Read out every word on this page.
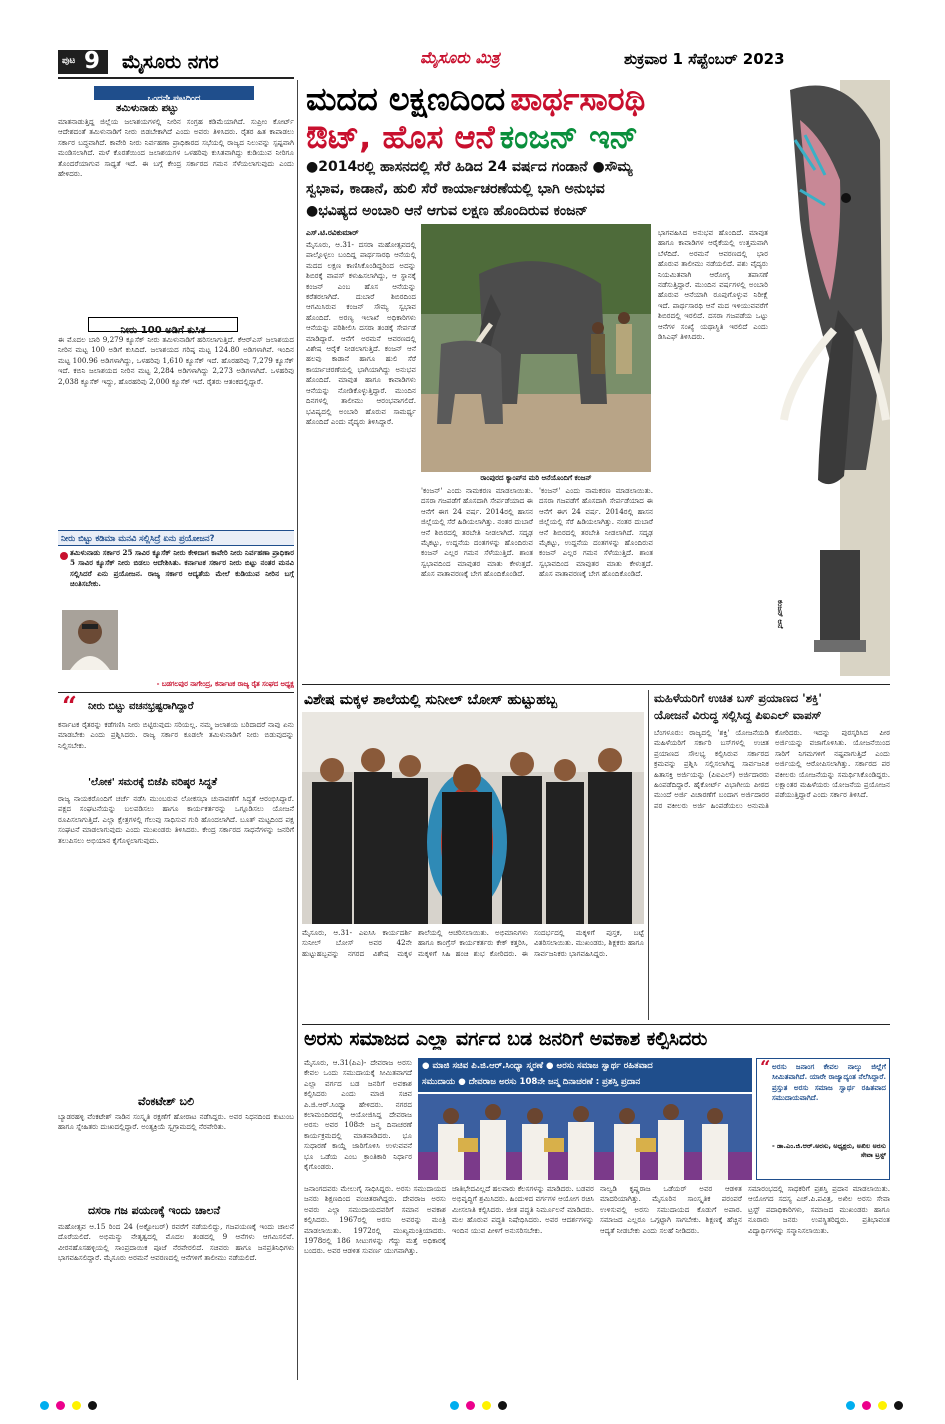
ಪುಟ 9 ಮೈಸೂರು ನಗರ	ಮೈಸೂರು ಮಿತ್ರ	ಶುಕ್ರವಾರ 1 ಸೆಪ್ಟೆಂಬರ್ 2023
ಒಂದನೇ ಪುಟದಿಂದ
ತಮಿಳುನಾಡು ಪಟ್ಟು
ಮಾತನಾಡುತ್ತಿದ್ದ ಜಿಲ್ಲೆಯ ಜಲಾಶಯಗಳಲ್ಲಿ ನೀರಿನ ಸಂಗ್ರಹ ಕಡಿಮೆಯಾಗಿದೆ. ಸುಪ್ರೀಂ ಕೋರ್ಟ್ ಆದೇಶದಂತೆ ತಮಿಳುನಾಡಿಗೆ ನೀರು ಬಿಡಬೇಕಾಗಿದೆ ಎಂದು ಅವರು ತಿಳಿಸಿದರು. ರೈತರ ಹಿತ ಕಾಪಾಡಲು ಸರ್ಕಾರ ಬದ್ಧವಾಗಿದೆ. ಕಾವೇರಿ ನೀರು ನಿರ್ವಹಣಾ ಪ್ರಾಧಿಕಾರದ ಸಭೆಯಲ್ಲಿ ರಾಜ್ಯದ ನಿಲುವನ್ನು ಸ್ಪಷ್ಟವಾಗಿ ಮಂಡಿಸಲಾಗಿದೆ. ಮಳೆ ಕೊರತೆಯಿಂದ ಜಲಾಶಯಗಳ ಒಳಹರಿವು ಕುಸಿತವಾಗಿದ್ದು ಕುಡಿಯುವ ನೀರಿಗೂ ತೊಂದರೆಯಾಗುವ ಸಾಧ್ಯತೆ ಇದೆ. ಈ ಬಗ್ಗೆ ಕೇಂದ್ರ ಸರ್ಕಾರದ ಗಮನ ಸೆಳೆಯಲಾಗುವುದು ಎಂದು ಹೇಳಿದರು.
ನೀರು 100 ಅಡಿಗೆ ಕುಸಿತ
ಈ ಮೊದಲ ಬಾರಿ 9,279 ಕ್ಯೂಸೆಕ್ ನೀರು ತಮಿಳುನಾಡಿಗೆ ಹರಿಸಲಾಗುತ್ತಿದೆ. ಕೆಆರ್‌ಎಸ್ ಜಲಾಶಯದ ನೀರಿನ ಮಟ್ಟ 100 ಅಡಿಗೆ ಕುಸಿದಿದೆ. ಜಲಾಶಯದ ಗರಿಷ್ಠ ಮಟ್ಟ 124.80 ಅಡಿಗಳಾಗಿವೆ. ಇಂದಿನ ಮಟ್ಟ 100.96 ಅಡಿಗಳಾಗಿದ್ದು, ಒಳಹರಿವು 1,610 ಕ್ಯೂಸೆಕ್ ಇದೆ. ಹೊರಹರಿವು 7,279 ಕ್ಯೂಸೆಕ್ ಇದೆ. ಕಬಿನಿ ಜಲಾಶಯದ ನೀರಿನ ಮಟ್ಟ 2,284 ಅಡಿಗಳಾಗಿದ್ದು 2,273 ಅಡಿಗಳಾಗಿದೆ. ಒಳಹರಿವು 2,038 ಕ್ಯೂಸೆಕ್ ಇದ್ದು, ಹೊರಹರಿವು 2,000 ಕ್ಯೂಸೆಕ್ ಇದೆ. ರೈತರು ಆತಂಕದಲ್ಲಿದ್ದಾರೆ.
ನೀರು ಬಿಟ್ಟು ಕಡಿಮಾ ಮನವಿ ಸಲ್ಲಿಸಿದ್ರೆ ಏನು ಪ್ರಯೋಜನ?
ತಮಿಳುನಾಡು ಸರ್ಕಾರ 25 ಸಾವಿರ ಕ್ಯೂಸೆಕ್ ನೀರು ಕೇಳಿದಾಗ ಕಾವೇರಿ ನೀರು ನಿರ್ವಹಣಾ ಪ್ರಾಧಿಕಾರ 5 ಸಾವಿರ ಕ್ಯೂಸೆಕ್ ನೀರು ಬಿಡಲು ಆದೇಶಿಸಿತು. ಕರ್ನಾಟಕ ಸರ್ಕಾರ ನೀರು ಬಿಟ್ಟು ನಂತರ ಮನವಿ ಸಲ್ಲಿಸಿದರೆ ಏನು ಪ್ರಯೋಜನ. ರಾಜ್ಯ ಸರ್ಕಾರ ಆದ್ಯತೆಯ ಮೇಲೆ ಕುಡಿಯುವ ನೀರಿನ ಬಗ್ಗೆ ಚಿಂತಿಸಬೇಕು.
- ಬಡಗಲಪುರ ನಾಗೇಂದ್ರ, ಕರ್ನಾಟಕ ರಾಜ್ಯ ರೈತ ಸಂಘದ ಅಧ್ಯಕ್ಷ
“ ನೀರು ಬಿಟ್ಟು ವಚನಭ್ರಷ್ಟರಾಗಿದ್ದಾರೆ
ಕರ್ನಾಟಕ ರೈತರನ್ನು ಕಡೆಗಣಿಸಿ ನೀರು ಬಿಟ್ಟಿರುವುದು ಸರಿಯಲ್ಲ. ನಮ್ಮ ಜಲಾಶಯ ಬರಿದಾದರೆ ನಾವು ಏನು ಮಾಡಬೇಕು ಎಂದು ಪ್ರಶ್ನಿಸಿದರು. ರಾಜ್ಯ ಸರ್ಕಾರ ಕೂಡಲೇ ತಮಿಳುನಾಡಿಗೆ ನೀರು ಬಿಡುವುದನ್ನು ನಿಲ್ಲಿಸಬೇಕು.
'ಲೋಕ' ಸಮರಕ್ಕೆ ಬಿಜೆಪಿ ವರಿಷ್ಠರ ಸಿದ್ಧತೆ
ರಾಜ್ಯ ನಾಯಕರೊಂದಿಗೆ ಚರ್ಚೆ ನಡೆಸಿ ಮುಂಬರುವ ಲೋಕಸಭಾ ಚುನಾವಣೆಗೆ ಸಿದ್ಧತೆ ಆರಂಭಿಸಿದ್ದಾರೆ. ಪಕ್ಷದ ಸಂಘಟನೆಯನ್ನು ಬಲಪಡಿಸಲು ಹಾಗೂ ಕಾರ್ಯಕರ್ತರನ್ನು ಒಗ್ಗೂಡಿಸಲು ಯೋಜನೆ ರೂಪಿಸಲಾಗುತ್ತಿದೆ. ಎಲ್ಲಾ ಕ್ಷೇತ್ರಗಳಲ್ಲಿ ಗೆಲುವು ಸಾಧಿಸುವ ಗುರಿ ಹೊಂದಲಾಗಿದೆ. ಬೂತ್ ಮಟ್ಟದಿಂದ ಪಕ್ಷ ಸಂಘಟನೆ ಮಾಡಲಾಗುವುದು ಎಂದು ಮುಖಂಡರು ತಿಳಿಸಿದರು. ಕೇಂದ್ರ ಸರ್ಕಾರದ ಸಾಧನೆಗಳನ್ನು ಜನರಿಗೆ ತಲುಪಿಸಲು ಅಭಿಯಾನ ಕೈಗೊಳ್ಳಲಾಗುವುದು.
ವೆಂಕಟೇಶ್ ಬಲಿ
ಬ್ಯಾಡರಹಳ್ಳಿ ವೆಂಕಟೇಶ್ ನಾಡಿನ ಸಂಸ್ಕೃತಿ ರಕ್ಷಣೆಗೆ ಹೋರಾಟ ನಡೆಸಿದ್ದರು. ಅವರ ನಿಧನದಿಂದ ಕುಟುಂಬ ಹಾಗೂ ಸ್ನೇಹಿತರು ದುಃಖದಲ್ಲಿದ್ದಾರೆ. ಅಂತ್ಯಕ್ರಿಯೆ ಸ್ವಗ್ರಾಮದಲ್ಲಿ ನೆರವೇರಿತು.
ದಸರಾ ಗಜ ಪಯಣಕ್ಕೆ ಇಂದು ಚಾಲನೆ
ಮಹೋತ್ಸವ ಆ.15 ರಿಂದ 24 (ಅಕ್ಟೋಬರ್) ರವರೆಗೆ ನಡೆಯಲಿದ್ದು, ಗಜಪಯಣಕ್ಕೆ ಇಂದು ಚಾಲನೆ ದೊರೆಯಲಿದೆ. ಅಭಿಮನ್ಯು ನೇತೃತ್ವದಲ್ಲಿ ಮೊದಲ ತಂಡದಲ್ಲಿ 9 ಆನೆಗಳು ಆಗಮಿಸಲಿವೆ. ವೀರನಹೊಸಹಳ್ಳಿಯಲ್ಲಿ ಸಾಂಪ್ರದಾಯಿಕ ಪೂಜೆ ನೆರವೇರಲಿದೆ. ಸಚಿವರು ಹಾಗೂ ಜನಪ್ರತಿನಿಧಿಗಳು ಭಾಗವಹಿಸಲಿದ್ದಾರೆ. ಮೈಸೂರು ಅರಮನೆ ಆವರಣದಲ್ಲಿ ಆನೆಗಳಿಗೆ ತಾಲೀಮು ನಡೆಯಲಿದೆ.
ಮದದ ಲಕ್ಷಣದಿಂದ ಪಾರ್ಥಸಾರಥಿ
ಔಟ್, ಹೊಸ ಆನೆ ಕಂಜನ್ ಇನ್
●2014ರಲ್ಲಿ ಹಾಸನದಲ್ಲಿ ಸೆರೆ ಹಿಡಿದ 24 ವರ್ಷದ ಗಂಡಾನೆ ●ಸೌಮ್ಯ
ಸ್ವಭಾವ, ಕಾಡಾನೆ, ಹುಲಿ ಸೆರೆ ಕಾರ್ಯಾಚರಣೆಯಲ್ಲಿ ಭಾಗಿ ಅನುಭವ
●ಭವಿಷ್ಯದ ಅಂಬಾರಿ ಆನೆ ಆಗುವ ಲಕ್ಷಣ ಹೊಂದಿರುವ ಕಂಜನ್
ಕಂಜನ್ ಆನೆ
ಎಸ್.ಟಿ.ರವಿಕುಮಾರ್
ಮೈಸೂರು, ಆ.31- ದಸರಾ ಮಹೋತ್ಸವದಲ್ಲಿ ಪಾಲ್ಗೊಳ್ಳಲು ಬಂದಿದ್ದ ಪಾರ್ಥಸಾರಥಿ ಆನೆಯಲ್ಲಿ ಮದದ ಲಕ್ಷಣ ಕಾಣಿಸಿಕೊಂಡಿದ್ದರಿಂದ ಅದನ್ನು ಶಿಬಿರಕ್ಕೆ ವಾಪಸ್ ಕಳುಹಿಸಲಾಗಿದ್ದು, ಆ ಸ್ಥಾನಕ್ಕೆ ಕಂಜನ್ ಎಂಬ ಹೊಸ ಆನೆಯನ್ನು ಕರೆತರಲಾಗಿದೆ. ದುಬಾರೆ ಶಿಬಿರದಿಂದ ಆಗಮಿಸಿರುವ ಕಂಜನ್ ಸೌಮ್ಯ ಸ್ವಭಾವ ಹೊಂದಿದೆ. ಅರಣ್ಯ ಇಲಾಖೆ ಅಧಿಕಾರಿಗಳು ಆನೆಯನ್ನು ಪರಿಶೀಲಿಸಿ ದಸರಾ ತಂಡಕ್ಕೆ ಸೇರ್ಪಡೆ ಮಾಡಿದ್ದಾರೆ. ಆನೆಗೆ ಅರಮನೆ ಆವರಣದಲ್ಲಿ ವಿಶೇಷ ಆರೈಕೆ ನೀಡಲಾಗುತ್ತಿದೆ. ಕಂಜನ್ ಆನೆ ಹಲವು ಕಾಡಾನೆ ಹಾಗೂ ಹುಲಿ ಸೆರೆ ಕಾರ್ಯಾಚರಣೆಯಲ್ಲಿ ಭಾಗಿಯಾಗಿದ್ದು ಅನುಭವ ಹೊಂದಿದೆ. ಮಾವುತ ಹಾಗೂ ಕಾವಾಡಿಗಳು ಆನೆಯನ್ನು ನೋಡಿಕೊಳ್ಳುತ್ತಿದ್ದಾರೆ. ಮುಂದಿನ ದಿನಗಳಲ್ಲಿ ತಾಲೀಮು ಆರಂಭವಾಗಲಿದೆ. ಭವಿಷ್ಯದಲ್ಲಿ ಅಂಬಾರಿ ಹೊರುವ ಸಾಮರ್ಥ್ಯ ಹೊಂದಿದೆ ಎಂದು ವೈದ್ಯರು ತಿಳಿಸಿದ್ದಾರೆ.
ರಾಂಪುರದ ಕ್ಯಾಂಪ್‌ನ ಮರಿ ಆನೆಯೊಂದಿಗೆ ಕಂಜನ್
'ಕಂಜನ್' ಎಂದು ನಾಮಕರಣ ಮಾಡಲಾಯಿತು. ದಸರಾ ಗಜಪಡೆಗೆ ಹೊಸದಾಗಿ ಸೇರ್ಪಡೆಯಾದ ಈ ಆನೆಗೆ ಈಗ 24 ವರ್ಷ. 2014ರಲ್ಲಿ ಹಾಸನ ಜಿಲ್ಲೆಯಲ್ಲಿ ಸೆರೆ ಹಿಡಿಯಲಾಗಿತ್ತು. ನಂತರ ದುಬಾರೆ ಆನೆ ಶಿಬಿರದಲ್ಲಿ ತರಬೇತಿ ನೀಡಲಾಗಿದೆ. ಸದೃಢ ಮೈಕಟ್ಟು, ಉದ್ದನೆಯ ದಂತಗಳನ್ನು ಹೊಂದಿರುವ ಕಂಜನ್ ಎಲ್ಲರ ಗಮನ ಸೆಳೆಯುತ್ತಿದೆ. ಶಾಂತ ಸ್ವಭಾವದಿಂದ ಮಾವುತರ ಮಾತು ಕೇಳುತ್ತದೆ. ಹೊಸ ವಾತಾವರಣಕ್ಕೆ ಬೇಗ ಹೊಂದಿಕೊಂಡಿದೆ.
'ಕಂಜನ್' ಎಂದು ನಾಮಕರಣ ಮಾಡಲಾಯಿತು. ದಸರಾ ಗಜಪಡೆಗೆ ಹೊಸದಾಗಿ ಸೇರ್ಪಡೆಯಾದ ಈ ಆನೆಗೆ ಈಗ 24 ವರ್ಷ. 2014ರಲ್ಲಿ ಹಾಸನ ಜಿಲ್ಲೆಯಲ್ಲಿ ಸೆರೆ ಹಿಡಿಯಲಾಗಿತ್ತು. ನಂತರ ದುಬಾರೆ ಆನೆ ಶಿಬಿರದಲ್ಲಿ ತರಬೇತಿ ನೀಡಲಾಗಿದೆ. ಸದೃಢ ಮೈಕಟ್ಟು, ಉದ್ದನೆಯ ದಂತಗಳನ್ನು ಹೊಂದಿರುವ ಕಂಜನ್ ಎಲ್ಲರ ಗಮನ ಸೆಳೆಯುತ್ತಿದೆ. ಶಾಂತ ಸ್ವಭಾವದಿಂದ ಮಾವುತರ ಮಾತು ಕೇಳುತ್ತದೆ. ಹೊಸ ವಾತಾವರಣಕ್ಕೆ ಬೇಗ ಹೊಂದಿಕೊಂಡಿದೆ.
ಭಾಗವಹಿಸಿದ ಅನುಭವ ಹೊಂದಿದೆ. ಮಾವುತ ಹಾಗೂ ಕಾವಾಡಿಗಳ ಆರೈಕೆಯಲ್ಲಿ ಉತ್ತಮವಾಗಿ ಬೆಳೆದಿದೆ. ಅರಮನೆ ಆವರಣದಲ್ಲಿ ಭಾರ ಹೊರುವ ತಾಲೀಮು ನಡೆಯಲಿದೆ. ಪಶು ವೈದ್ಯರು ನಿಯಮಿತವಾಗಿ ಆರೋಗ್ಯ ತಪಾಸಣೆ ನಡೆಸುತ್ತಿದ್ದಾರೆ. ಮುಂದಿನ ವರ್ಷಗಳಲ್ಲಿ ಅಂಬಾರಿ ಹೊರುವ ಆನೆಯಾಗಿ ರೂಪುಗೊಳ್ಳುವ ನಿರೀಕ್ಷೆ ಇದೆ. ಪಾರ್ಥಸಾರಥಿ ಆನೆ ಮದ ಇಳಿಯುವವರೆಗೆ ಶಿಬಿರದಲ್ಲಿ ಇರಲಿದೆ. ದಸರಾ ಗಜಪಡೆಯ ಒಟ್ಟು ಆನೆಗಳ ಸಂಖ್ಯೆ ಯಥಾಸ್ಥಿತಿ ಇರಲಿದೆ ಎಂದು ಡಿಸಿಎಫ್ ತಿಳಿಸಿದರು.
ವಿಶೇಷ ಮಕ್ಕಳ ಶಾಲೆಯಲ್ಲಿ ಸುನೀಲ್ ಬೋಸ್ ಹುಟ್ಟುಹಬ್ಬ
ಮೈಸೂರು, ಆ.31- ಎಐಸಿಸಿ ಕಾರ್ಯದರ್ಶಿ ಸುನೀಲ್ ಬೋಸ್ ಅವರ 42ನೇ ಹುಟ್ಟುಹಬ್ಬವನ್ನು ನಗರದ ವಿಶೇಷ ಮಕ್ಕಳ ಶಾಲೆಯಲ್ಲಿ ಆಚರಿಸಲಾಯಿತು. ಅಭಿಮಾನಿಗಳು ಹಾಗೂ ಕಾಂಗ್ರೆಸ್ ಕಾರ್ಯಕರ್ತರು ಕೇಕ್ ಕತ್ತರಿಸಿ, ಮಕ್ಕಳಿಗೆ ಸಿಹಿ ಹಂಚಿ ಶುಭ ಕೋರಿದರು. ಈ ಸಂದರ್ಭದಲ್ಲಿ ಮಕ್ಕಳಿಗೆ ಪುಸ್ತಕ, ಬಟ್ಟೆ ವಿತರಿಸಲಾಯಿತು. ಮುಖಂಡರು, ಶಿಕ್ಷಕರು ಹಾಗೂ ಸಾರ್ವಜನಿಕರು ಭಾಗವಹಿಸಿದ್ದರು.
ಮಹಿಳೆಯರಿಗೆ ಉಚಿತ ಬಸ್ ಪ್ರಯಾಣದ 'ಶಕ್ತಿ'
ಯೋಜನೆ ವಿರುದ್ಧ ಸಲ್ಲಿಸಿದ್ದ ಪಿಐಎಲ್ ವಾಪಸ್
ಬೆಂಗಳೂರು: ರಾಜ್ಯದಲ್ಲಿ 'ಶಕ್ತಿ' ಯೋಜನೆಯಡಿ ಮಹಿಳೆಯರಿಗೆ ಸರ್ಕಾರಿ ಬಸ್‌ಗಳಲ್ಲಿ ಉಚಿತ ಪ್ರಯಾಣದ ಸೌಲಭ್ಯ ಕಲ್ಪಿಸಿರುವ ಸರ್ಕಾರದ ಕ್ರಮವನ್ನು ಪ್ರಶ್ನಿಸಿ ಸಲ್ಲಿಸಲಾಗಿದ್ದ ಸಾರ್ವಜನಿಕ ಹಿತಾಸಕ್ತಿ ಅರ್ಜಿಯನ್ನು (ಪಿಐಎಲ್) ಅರ್ಜಿದಾರರು ಹಿಂಪಡೆದಿದ್ದಾರೆ. ಹೈಕೋರ್ಟ್ ವಿಭಾಗೀಯ ಪೀಠದ ಮುಂದೆ ಅರ್ಜಿ ವಿಚಾರಣೆಗೆ ಬಂದಾಗ ಅರ್ಜಿದಾರರ ಪರ ವಕೀಲರು ಅರ್ಜಿ ಹಿಂಪಡೆಯಲು ಅನುಮತಿ ಕೋರಿದರು. ಇದನ್ನು ಪುರಸ್ಕರಿಸಿದ ಪೀಠ ಅರ್ಜಿಯನ್ನು ವಜಾಗೊಳಿಸಿತು. ಯೋಜನೆಯಿಂದ ಸಾರಿಗೆ ನಿಗಮಗಳಿಗೆ ನಷ್ಟವಾಗುತ್ತಿದೆ ಎಂದು ಅರ್ಜಿಯಲ್ಲಿ ಆರೋಪಿಸಲಾಗಿತ್ತು. ಸರ್ಕಾರದ ಪರ ವಕೀಲರು ಯೋಜನೆಯನ್ನು ಸಮರ್ಥಿಸಿಕೊಂಡಿದ್ದರು. ಲಕ್ಷಾಂತರ ಮಹಿಳೆಯರು ಯೋಜನೆಯ ಪ್ರಯೋಜನ ಪಡೆಯುತ್ತಿದ್ದಾರೆ ಎಂದು ಸರ್ಕಾರ ತಿಳಿಸಿದೆ.
ಅರಸು ಸಮಾಜದ ಎಲ್ಲಾ ವರ್ಗದ ಬಡ ಜನರಿಗೆ ಅವಕಾಶ ಕಲ್ಪಿಸಿದರು
ಮೈಸೂರು, ಆ.31(ಪಿಎ)- ದೇವರಾಜ ಅರಸು ಕೇವಲ ಒಂದು ಸಮುದಾಯಕ್ಕೆ ಸೀಮಿತವಾಗದೆ ಎಲ್ಲಾ ವರ್ಗದ ಬಡ ಜನರಿಗೆ ಅವಕಾಶ ಕಲ್ಪಿಸಿದರು ಎಂದು ಮಾಜಿ ಸಚಿವ ಪಿ.ಜಿ.ಆರ್.ಸಿಂಧ್ಯಾ ಹೇಳಿದರು. ನಗರದ ಕಲಾಮಂದಿರದಲ್ಲಿ ಆಯೋಜಿಸಿದ್ದ ದೇವರಾಜ ಅರಸು ಅವರ 108ನೇ ಜನ್ಮ ದಿನಾಚರಣೆ ಕಾರ್ಯಕ್ರಮದಲ್ಲಿ ಮಾತನಾಡಿದರು. ಭೂ ಸುಧಾರಣೆ ಕಾಯ್ದೆ ಜಾರಿಗೊಳಿಸಿ ಉಳುವವನೆ ಭೂ ಒಡೆಯ ಎಂಬ ಕ್ರಾಂತಿಕಾರಿ ನಿರ್ಧಾರ ಕೈಗೊಂಡರು.
● ಮಾಜಿ ಸಚಿವ ಪಿ.ಜಿ.ಆರ್.ಸಿಂಧ್ಯಾ ಸ್ಮರಣೆ ● ಅರಸು ಸಮಾಜ ಸ್ವಾರ್ಥ ರಹಿತವಾದ
ಸಮುದಾಯ ● ದೇವರಾಜ ಅರಸು 108ನೇ ಜನ್ಮ ದಿನಾಚರಣೆ : ಪ್ರಶಸ್ತಿ ಪ್ರದಾನ
“ ಅರಸು ಜನಾಂಗ ಕೇವಲ ನಾಲ್ಕು ಜಿಲ್ಲೆಗೆ ಸೀಮಿತವಾಗಿದೆ. ಯಾರೇ ರಾಜ್ಯಾದ್ಯಂತ ನೆಲೆಸಿದ್ದಾರೆ. ಪ್ರಸ್ತುತ ಅರಸು ಸಮಾಜ ಸ್ವಾರ್ಥ ರಹಿತವಾದ ಸಮುದಾಯವಾಗಿದೆ.
- ಡಾ.ಎಂ.ಜಿ.ಆರ್.ಅರಸು, ಅಧ್ಯಕ್ಷರು, ಅಖಿಲ ಅರಸು ಸೇವಾ ಟ್ರಸ್ಟ್
ಜನಾಂಗದವರು ಮೇಲುಗೈ ಸಾಧಿಸಿದ್ದರು. ಅರಸು ಸಮುದಾಯದ ಜನರು ಶಿಕ್ಷಣದಿಂದ ವಂಚಿತರಾಗಿದ್ದರು. ದೇವರಾಜ ಅರಸು ಅವರು ಎಲ್ಲಾ ಸಮುದಾಯದವರಿಗೆ ಸಮಾನ ಅವಕಾಶ ಕಲ್ಪಿಸಿದರು. 1967ರಲ್ಲಿ ಅರಸು ಅವರನ್ನು ಮಂತ್ರಿ ಮಾಡಲಾಯಿತು. 1972ರಲ್ಲಿ ಮುಖ್ಯಮಂತ್ರಿಯಾದರು. 1978ರಲ್ಲಿ 186 ಸೀಟುಗಳನ್ನು ಗೆದ್ದು ಮತ್ತೆ ಅಧಿಕಾರಕ್ಕೆ ಬಂದರು. ಅವರ ಆಡಳಿತ ಸುವರ್ಣ ಯುಗವಾಗಿತ್ತು.
ಜಾತಿಭೇದವಿಲ್ಲದೆ ಹಲವಾರು ಕೆಲಸಗಳನ್ನು ಮಾಡಿದರು. ಬಡವರ ಅಭಿವೃದ್ಧಿಗೆ ಶ್ರಮಿಸಿದರು. ಹಿಂದುಳಿದ ವರ್ಗಗಳ ಆಯೋಗ ರಚಿಸಿ ಮೀಸಲಾತಿ ಕಲ್ಪಿಸಿದರು. ಜೀತ ಪದ್ಧತಿ ನಿರ್ಮೂಲನೆ ಮಾಡಿದರು. ಮಲ ಹೊರುವ ಪದ್ಧತಿ ನಿಷೇಧಿಸಿದರು. ಅವರ ಆದರ್ಶಗಳನ್ನು ಇಂದಿನ ಯುವ ಪೀಳಿಗೆ ಅನುಸರಿಸಬೇಕು.
ನಾಲ್ವಡಿ ಕೃಷ್ಣರಾಜ ಒಡೆಯರ್ ಅವರ ಆಡಳಿತ ಮಾದರಿಯಾಗಿತ್ತು. ಮೈಸೂರಿನ ಸಾಂಸ್ಕೃತಿಕ ಪರಂಪರೆ ಉಳಿಸುವಲ್ಲಿ ಅರಸು ಸಮುದಾಯದ ಕೊಡುಗೆ ಅಪಾರ. ಸಮಾಜದ ಎಲ್ಲರೂ ಒಗ್ಗಟ್ಟಾಗಿ ಸಾಗಬೇಕು. ಶಿಕ್ಷಣಕ್ಕೆ ಹೆಚ್ಚಿನ ಆದ್ಯತೆ ನೀಡಬೇಕು ಎಂದು ಸಲಹೆ ನೀಡಿದರು.
ಸಮಾರಂಭದಲ್ಲಿ ಸಾಧಕರಿಗೆ ಪ್ರಶಸ್ತಿ ಪ್ರದಾನ ಮಾಡಲಾಯಿತು. ಆಯೋಗದ ಸದಸ್ಯ ಎಚ್.ಪಿ.ಪವಿತ್ರ, ಅಖಿಲ ಅರಸು ಸೇವಾ ಟ್ರಸ್ಟ್ ಪದಾಧಿಕಾರಿಗಳು, ಸಮಾಜದ ಮುಖಂಡರು ಹಾಗೂ ನೂರಾರು ಜನರು ಉಪಸ್ಥಿತರಿದ್ದರು. ಪ್ರತಿಭಾವಂತ ವಿದ್ಯಾರ್ಥಿಗಳನ್ನು ಸನ್ಮಾನಿಸಲಾಯಿತು.
